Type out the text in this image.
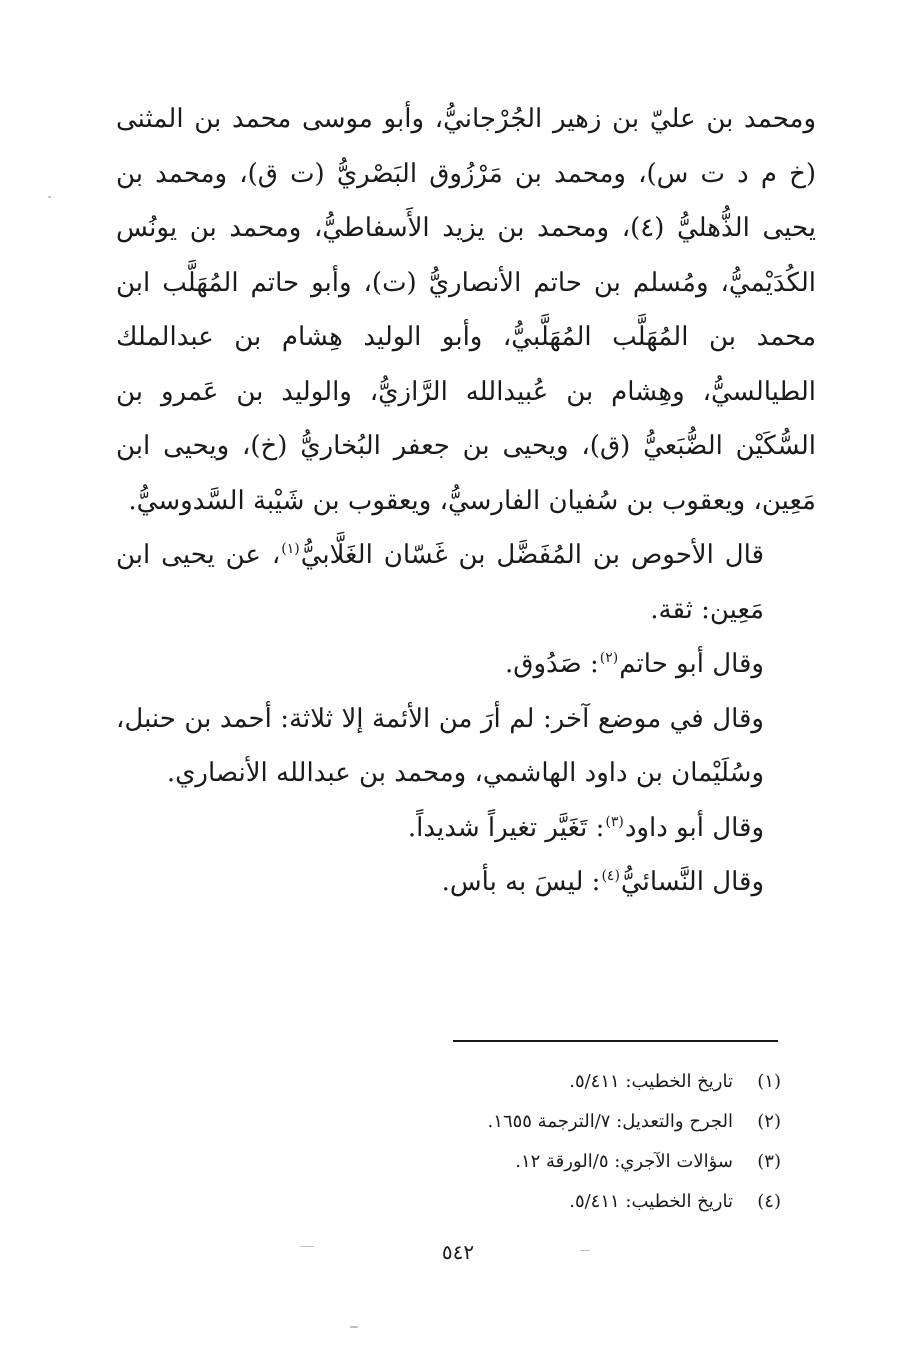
ومحمد بن عليّ بن زهير الجُرْجانيُّ، وأبو موسى محمد بن المثنى (خ م د ت س)، ومحمد بن مَرْزُوق البَصْريُّ (ت ق)، ومحمد بن يحيى الذُّهليُّ (٤)، ومحمد بن يزيد الأَسفاطيُّ، ومحمد بن يونُس الكُدَيْميُّ، ومُسلم بن حاتم الأنصاريُّ (ت)، وأبو حاتم المُهَلَّب ابن محمد بن المُهَلَّب المُهَلَّبيُّ، وأبو الوليد هِشام بن عبدالملك الطيالسيُّ، وهِشام بن عُبيدالله الرَّازيُّ، والوليد بن عَمرو بن السُّكَيْن الضُّبَعيُّ (ق)، ويحيى بن جعفر البُخاريُّ (خ)، ويحيى ابن مَعِين، ويعقوب بن سُفيان الفارسيُّ، ويعقوب بن شَيْبة السَّدوسيُّ.

قال الأحوص بن المُفَضَّل بن غَسّان الغَلَّابيُّ$^{(١)}$، عن يحيى ابن مَعِين: ثقة.

وقال أبو حاتم$^{(٢)}$: صَدُوق.

وقال في موضع آخر: لم أرَ من الأئمة إلا ثلاثة: أحمد بن حنبل، وسُلَيْمان بن داود الهاشمي، ومحمد بن عبدالله الأنصاري.

وقال أبو داود$^{(٣)}$: تَغَيَّر تغيراً شديداً.

وقال النَّسائيُّ$^{(٤)}$: ليسَ به بأس.

(١)
تاريخ الخطيب: ٥/٤١١.
(٢)
الجرح والتعديل: ٧/الترجمة ١٦٥٥.
(٣)
سؤالات الآجري: ٥/الورقة ١٢.
(٤)
تاريخ الخطيب: ٥/٤١١.
٥٤٢
